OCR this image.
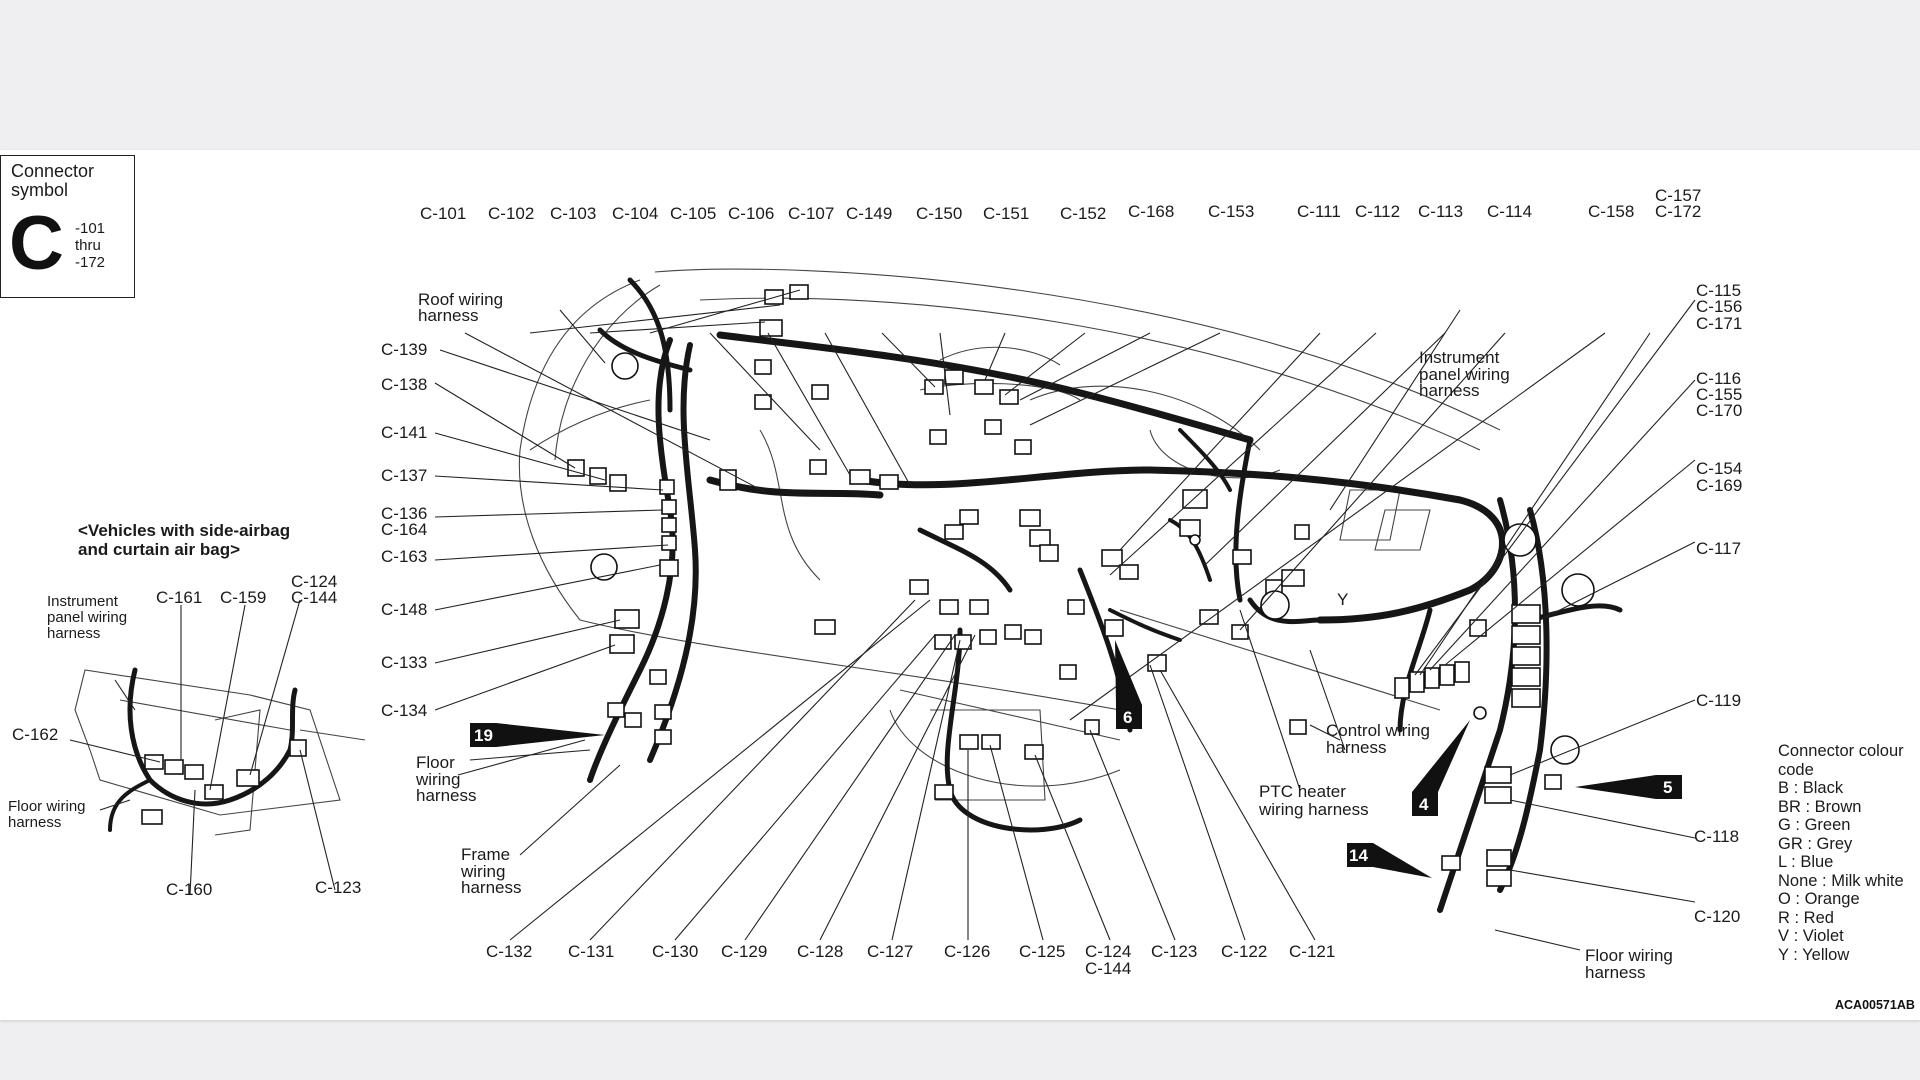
Connector symbol
C -101
thru
-172
19
6
4
5
14
C-101 C-102 C-103 C-104 C-105 C-106 C-107 C-149 C-150 C-151 C-152 C-168 C-153	C-111 C-112 C-113 C-114	C-158
C-157
C-172
C-139
C-138
C-141
C-137
C-136
C-164
C-163
C-148
C-133
C-134
C-115
C-156
C-171
C-116
C-155
C-170
C-154
C-169
C-117
C-119
C-118
C-120
C-132 C-131 C-130 C-129 C-128 C-127 C-126 C-125 C-124
C-144
C-123 C-122 C-121
Roof wiring harness
Instrument panel wiring harness
Floor wiring harness
Frame wiring harness
PTC heater wiring harness
Control wiring harness
Floor wiring harness
Y
<Vehicles with side-airbag and curtain air bag>
Instrument panel wiring harness
Floor wiring harness
C-161 C-159
C-124
C-144
C-162
C-160	C-123
Connector colour
code
B : Black
BR : Brown
G : Green
GR : Grey
L : Blue
None : Milk white
O : Orange
R : Red
V : Violet
Y : Yellow
ACA00571AB
